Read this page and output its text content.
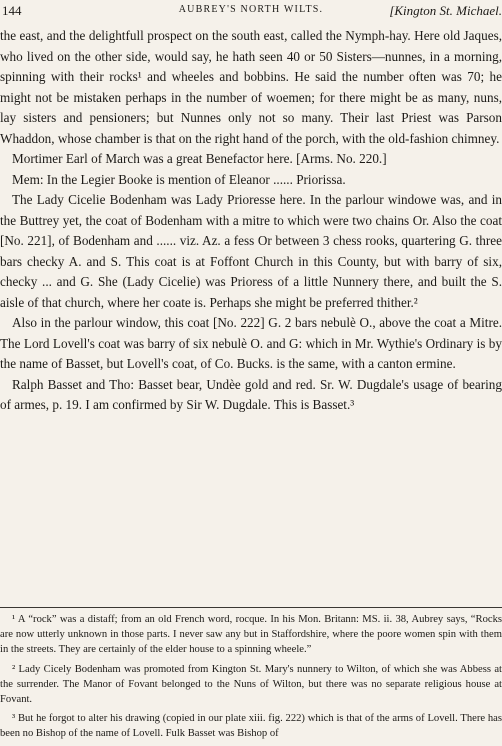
144	AUBREY'S NORTH WILTS.	[Kington St. Michael.

the east, and the delightfull prospect on the south east, called the Nymph-hay. Here old Jaques, who lived on the other side, would say, he hath seen 40 or 50 Sisters—nunnes, in a morning, spinning with their rocks¹ and wheeles and bobbins. He said the number often was 70; he might not be mistaken perhaps in the number of woemen; for there might be as many, nuns, lay sisters and pensioners; but Nunnes only not so many. Their last Priest was Parson Whaddon, whose chamber is that on the right hand of the porch, with the old-fashion chimney.

Mortimer Earl of March was a great Benefactor here. [Arms. No. 220.]

Mem: In the Legier Booke is mention of Eleanor ...... Priorissa.

The Lady Cicelie Bodenham was Lady Prioresse here. In the parlour windowe was, and in the Buttrey yet, the coat of Bodenham with a mitre to which were two chains Or. Also the coat [No. 221], of Bodenham and ...... viz. Az. a fess Or between 3 chess rooks, quartering G. three bars checky A. and S. This coat is at Foffont Church in this County, but with barry of six, checky ... and G. She (Lady Cicelie) was Prioress of a little Nunnery there, and built the S. aisle of that church, where her coate is. Perhaps she might be preferred thither.²

Also in the parlour window, this coat [No. 222] G. 2 bars nebulè O., above the coat a Mitre. The Lord Lovell's coat was barry of six nebulè O. and G: which in Mr. Wythie's Ordinary is by the name of Basset, but Lovell's coat, of Co. Bucks. is the same, with a canton ermine.

Ralph Basset and Tho: Basset bear, Undèe gold and red. Sr. W. Dugdale's usage of bearing of armes, p. 19. I am confirmed by Sir W. Dugdale. This is Basset.³

¹ A “rock” was a distaff; from an old French word, rocque. In his Mon. Britann: MS. ii. 38, Aubrey says, “Rocks are now utterly unknown in those parts. I never saw any but in Staffordshire, where the poore women spin with them in the streets. They are certainly of the elder house to a spinning wheele.”

² Lady Cicely Bodenham was promoted from Kington St. Mary's nunnery to Wilton, of which she was Abbess at the surrender. The Manor of Fovant belonged to the Nuns of Wilton, but there was no separate religious house at Fovant.

³ But he forgot to alter his drawing (copied in our plate xiii. fig. 222) which is that of the arms of Lovell. There has been no Bishop of the name of Lovell. Fulk Basset was Bishop of
